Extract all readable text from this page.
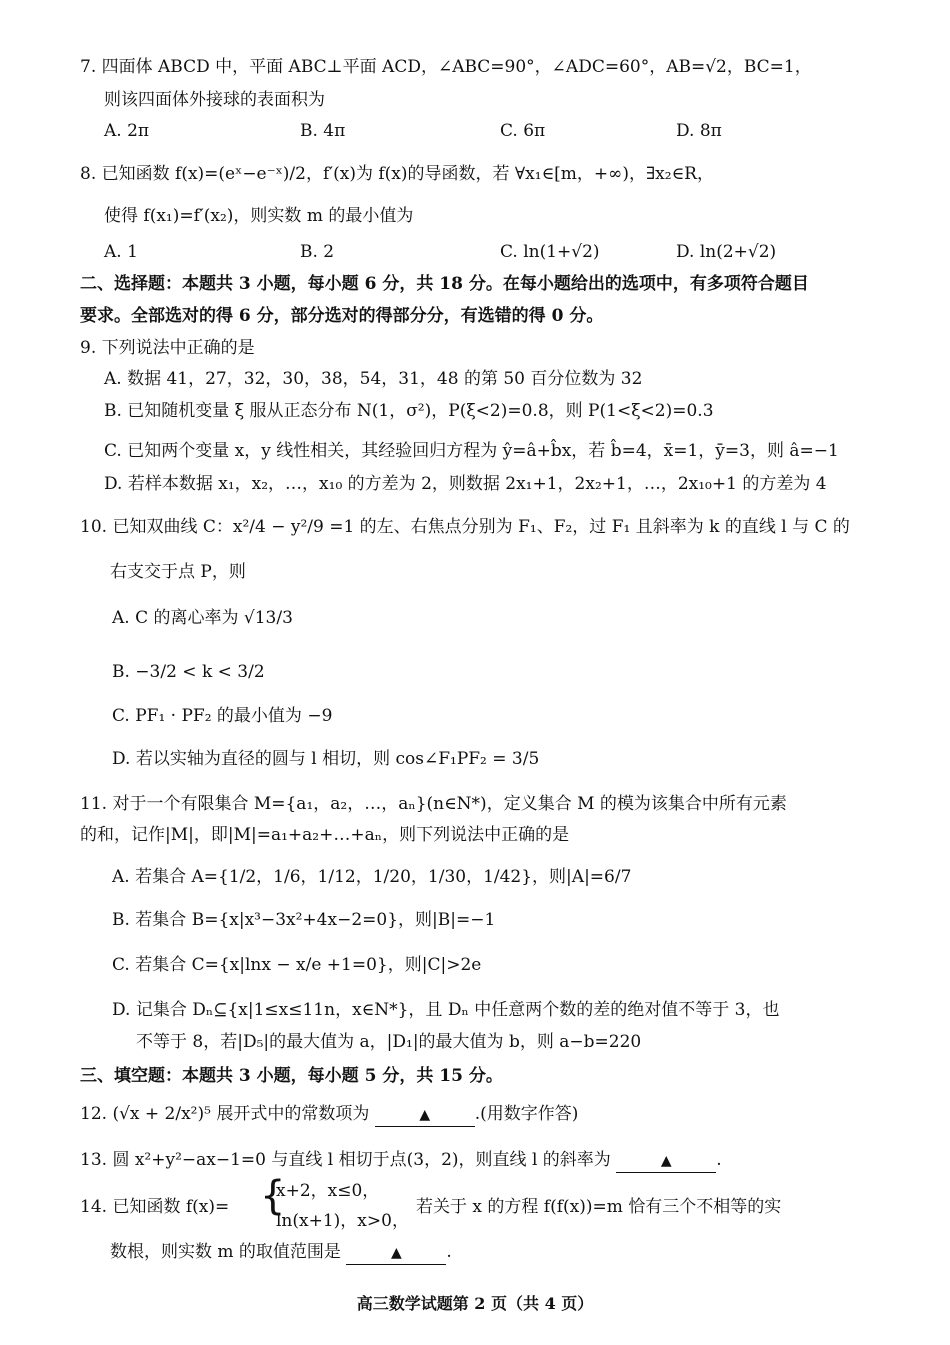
7. 四面体 ABCD 中，平面 ABC⊥平面 ACD，∠ABC=90°，∠ADC=60°，AB=√2，BC=1，
则该四面体外接球的表面积为
A. 2π	B. 4π	C. 6π	D. 8π
8. 已知函数 f(x)=(eˣ−e⁻ˣ)/2，f′(x)为 f(x)的导函数，若 ∀x₁∈[m，+∞)，∃x₂∈R，
使得 f(x₁)=f′(x₂)，则实数 m 的最小值为
A. 1	B. 2	C. ln(1+√2)	D. ln(2+√2)
二、选择题：本题共 3 小题，每小题 6 分，共 18 分。在每小题给出的选项中，有多项符合题目
要求。全部选对的得 6 分，部分选对的得部分分，有选错的得 0 分。
9. 下列说法中正确的是
A. 数据 41，27，32，30，38，54，31，48 的第 50 百分位数为 32
B. 已知随机变量 ξ 服从正态分布 N(1，σ²)，P(ξ<2)=0.8，则 P(1<ξ<2)=0.3
C. 已知两个变量 x，y 线性相关，其经验回归方程为 ŷ=â+b̂x，若 b̂=4，x̄=1，ȳ=3，则 â=−1
D. 若样本数据 x₁，x₂，…，x₁₀ 的方差为 2，则数据 2x₁+1，2x₂+1，…，2x₁₀+1 的方差为 4
10. 已知双曲线 C：x²/4 − y²/9 =1 的左、右焦点分别为 F₁、F₂，过 F₁ 且斜率为 k 的直线 l 与 C 的
右支交于点 P，则
A. C 的离心率为 √13/3
B. −3/2 < k < 3/2
C. PF₁ · PF₂ 的最小值为 −9
D. 若以实轴为直径的圆与 l 相切，则 cos∠F₁PF₂ = 3/5
11. 对于一个有限集合 M={a₁，a₂，…，aₙ}(n∈N*)，定义集合 M 的模为该集合中所有元素
的和，记作|M|，即|M|=a₁+a₂+…+aₙ，则下列说法中正确的是
A. 若集合 A={1/2，1/6，1/12，1/20，1/30，1/42}，则|A|=6/7
B. 若集合 B={x|x³−3x²+4x−2=0}，则|B|=−1
C. 若集合 C={x|lnx − x/e +1=0}，则|C|>2e
D. 记集合 Dₙ⊆{x|1≤x≤11n，x∈N*}，且 Dₙ 中任意两个数的差的绝对值不等于 3，也
不等于 8，若|D₅|的最大值为 a，|D₁|的最大值为 b，则 a−b=220
三、填空题：本题共 3 小题，每小题 5 分，共 15 分。
12. (√x + 2/x²)⁵ 展开式中的常数项为	▲	.(用数字作答)
13. 圆 x²+y²−ax−1=0 与直线 l 相切于点(3，2)，则直线 l 的斜率为	▲	.
14. 已知函数 f(x)= {
x+2，x≤0，
ln(x+1)，x>0，
若关于 x 的方程 f(f(x))=m 恰有三个不相等的实
数根，则实数 m 的取值范围是	▲	.
高三数学试题第 2 页（共 4 页）
